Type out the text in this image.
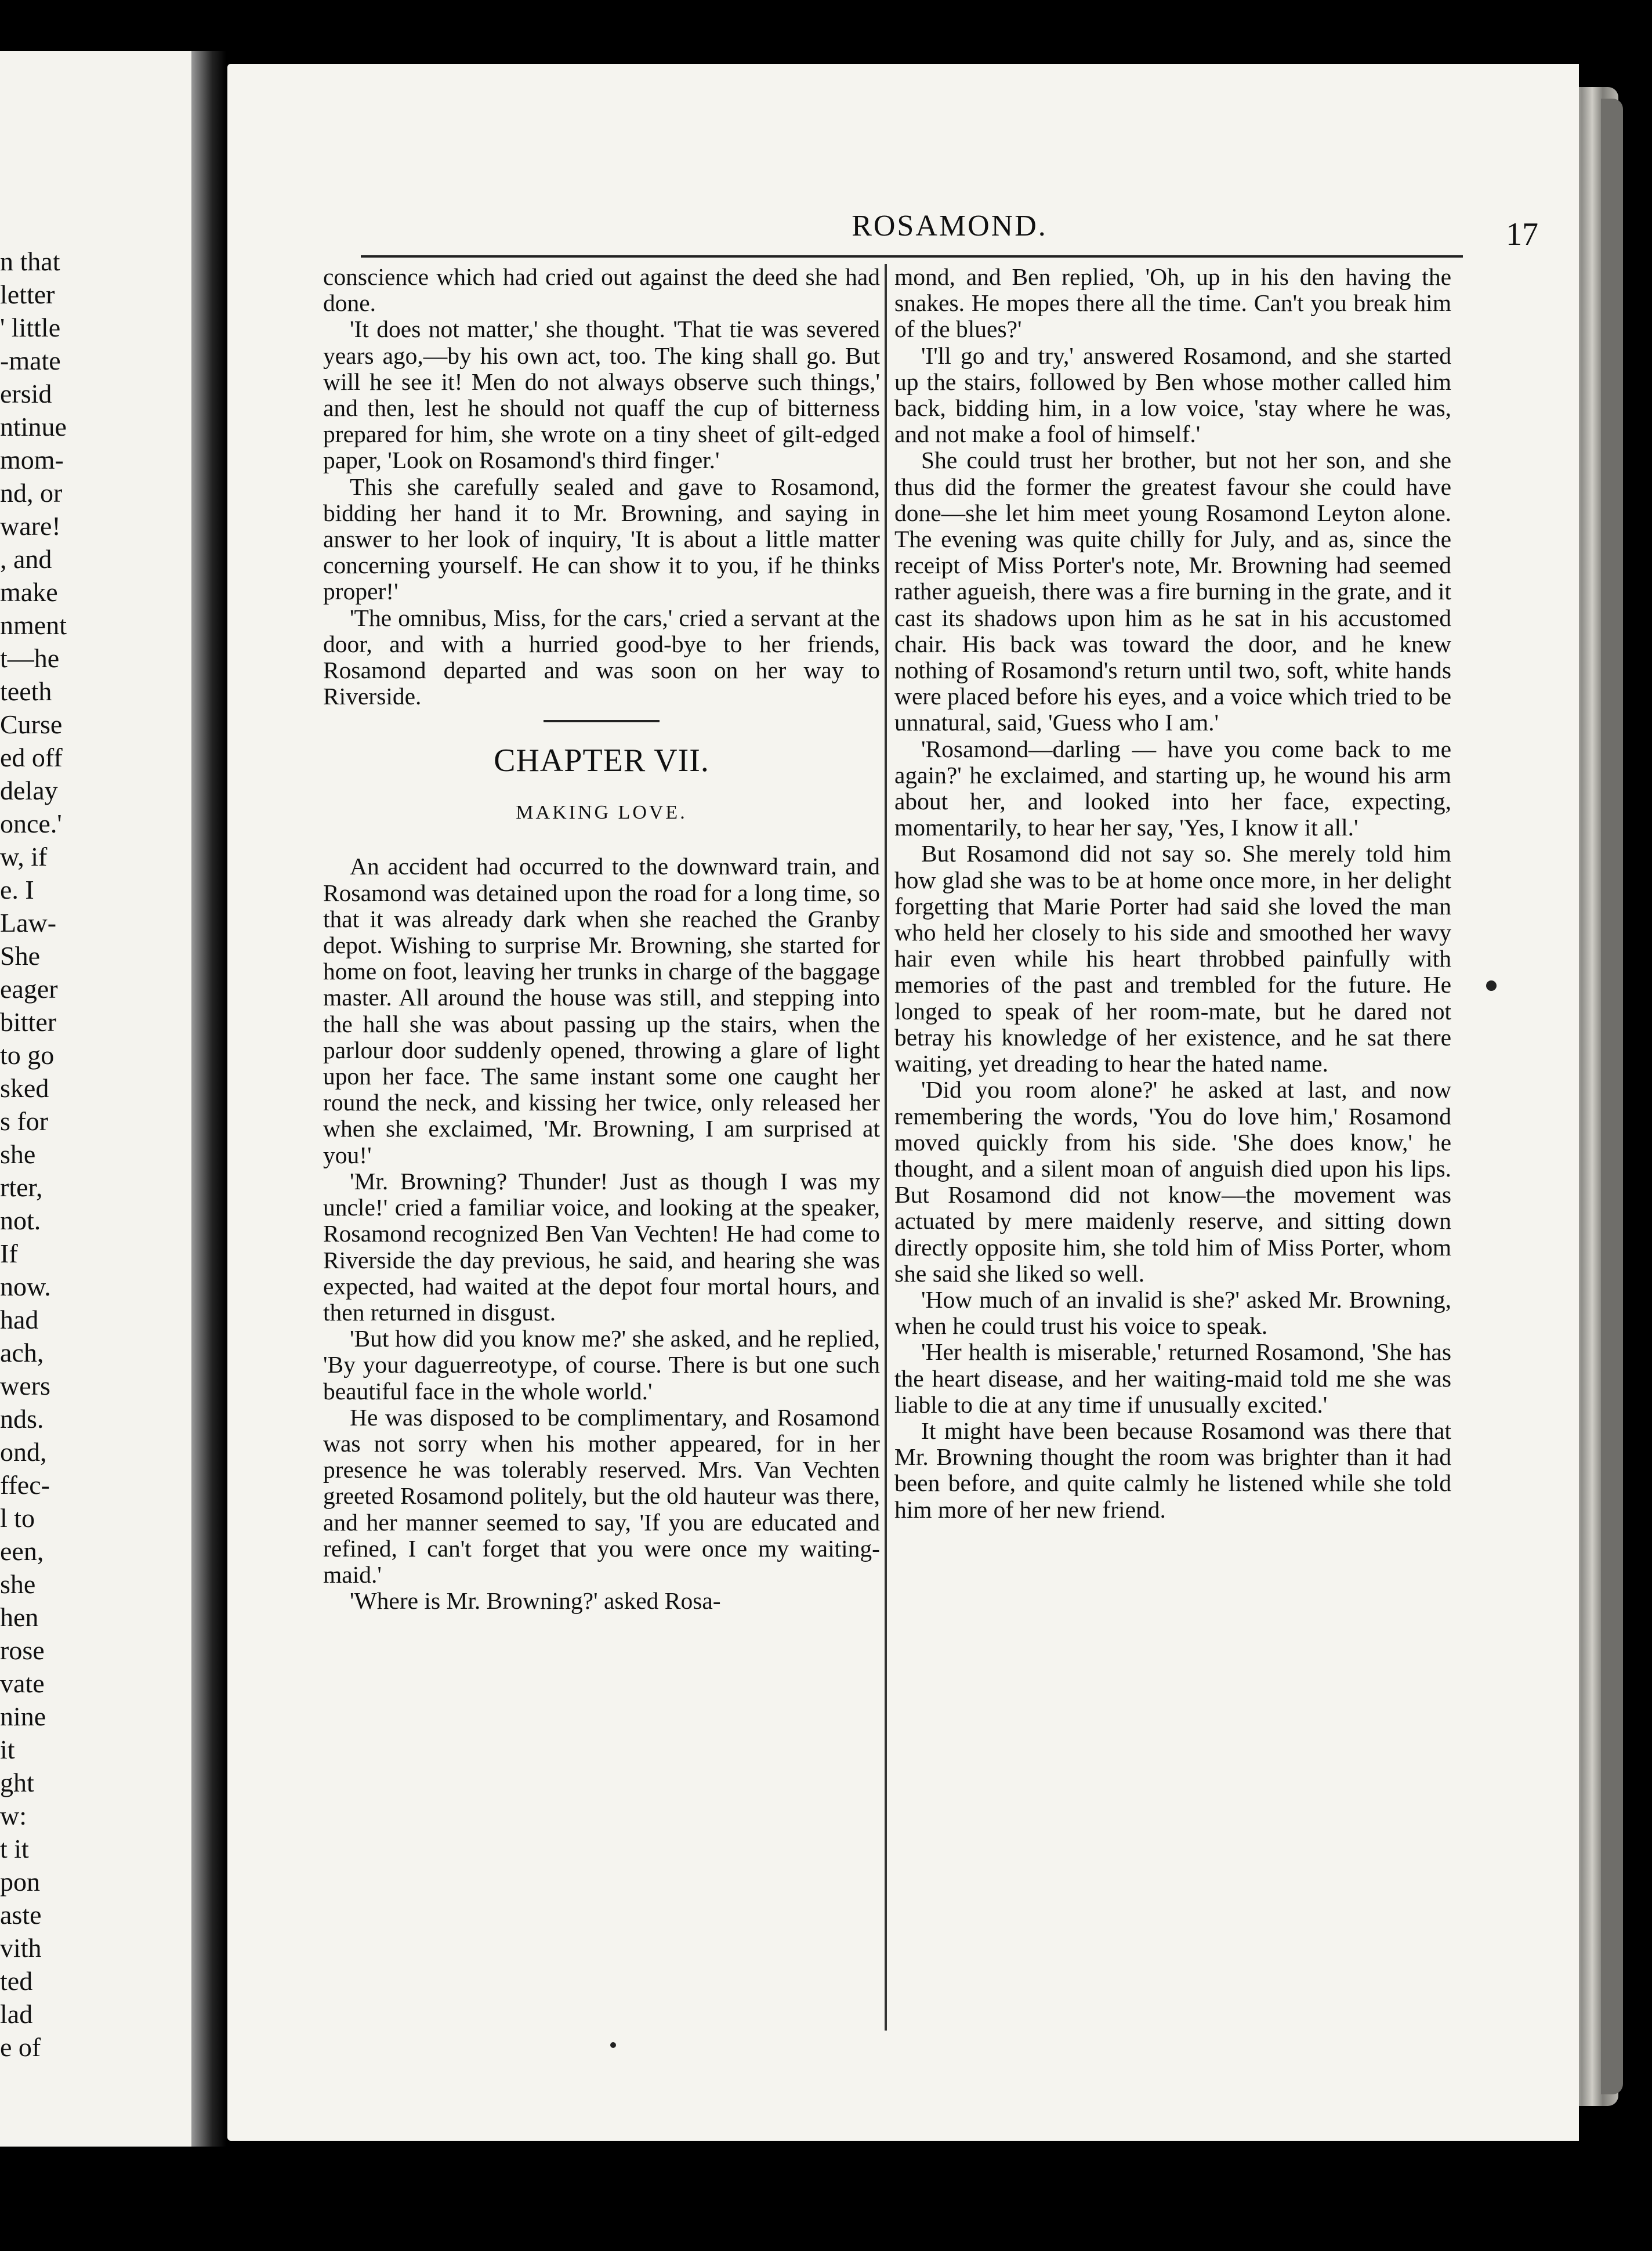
n that
letter
' little
-mate
ersid
ntinue
mom-
nd, or
ware!
, and
make
nment
t—he
teeth
Curse
ed off
delay
once.'
w, if
e. I
Law-
She
eager
bitter
to go
sked
s for
she
rter,
not.
If
now.
had
ach,
wers
nds.
ond,
ffec-
l to
een,
she
hen
rose
vate
nine
it
ght
w:
t it
pon
aste
vith
ted
lad
e of
ROSAMOND.	17

conscience which had cried out against the deed she had done.

'It does not matter,' she thought. 'That tie was severed years ago,—by his own act, too. The king shall go. But will he see it! Men do not always observe such things,' and then, lest he should not quaff the cup of bitterness prepared for him, she wrote on a tiny sheet of gilt-edged paper, 'Look on Rosamond's third finger.'

This she carefully sealed and gave to Rosamond, bidding her hand it to Mr. Browning, and saying in answer to her look of inquiry, 'It is about a little matter concerning yourself. He can show it to you, if he thinks proper!'

'The omnibus, Miss, for the cars,' cried a servant at the door, and with a hurried good-bye to her friends, Rosamond departed and was soon on her way to Riverside.

CHAPTER VII.
MAKING LOVE.

An accident had occurred to the downward train, and Rosamond was detained upon the road for a long time, so that it was already dark when she reached the Granby depot. Wishing to surprise Mr. Browning, she started for home on foot, leaving her trunks in charge of the baggage master. All around the house was still, and stepping into the hall she was about passing up the stairs, when the parlour door suddenly opened, throwing a glare of light upon her face. The same instant some one caught her round the neck, and kissing her twice, only released her when she exclaimed, 'Mr. Browning, I am surprised at you!'

'Mr. Browning? Thunder! Just as though I was my uncle!' cried a familiar voice, and looking at the speaker, Rosamond recognized Ben Van Vechten! He had come to Riverside the day previous, he said, and hearing she was expected, had waited at the depot four mortal hours, and then returned in disgust.

'But how did you know me?' she asked, and he replied, 'By your daguerreotype, of course. There is but one such beautiful face in the whole world.'

He was disposed to be complimentary, and Rosamond was not sorry when his mother appeared, for in her presence he was tolerably reserved. Mrs. Van Vechten greeted Rosamond politely, but the old hauteur was there, and her manner seemed to say, 'If you are educated and refined, I can't forget that you were once my waiting-maid.'

'Where is Mr. Browning?' asked Rosa-

mond, and Ben replied, 'Oh, up in his den having the snakes. He mopes there all the time. Can't you break him of the blues?'

'I'll go and try,' answered Rosamond, and she started up the stairs, followed by Ben whose mother called him back, bidding him, in a low voice, 'stay where he was, and not make a fool of himself.'

She could trust her brother, but not her son, and she thus did the former the greatest favour she could have done—she let him meet young Rosamond Leyton alone. The evening was quite chilly for July, and as, since the receipt of Miss Porter's note, Mr. Browning had seemed rather agueish, there was a fire burning in the grate, and it cast its shadows upon him as he sat in his accustomed chair. His back was toward the door, and he knew nothing of Rosamond's return until two, soft, white hands were placed before his eyes, and a voice which tried to be unnatural, said, 'Guess who I am.'

'Rosamond—darling — have you come back to me again?' he exclaimed, and starting up, he wound his arm about her, and looked into her face, expecting, momentarily, to hear her say, 'Yes, I know it all.'

But Rosamond did not say so. She merely told him how glad she was to be at home once more, in her delight forgetting that Marie Porter had said she loved the man who held her closely to his side and smoothed her wavy hair even while his heart throbbed painfully with memories of the past and trembled for the future. He longed to speak of her room-mate, but he dared not betray his knowledge of her existence, and he sat there waiting, yet dreading to hear the hated name.

'Did you room alone?' he asked at last, and now remembering the words, 'You do love him,' Rosamond moved quickly from his side. 'She does know,' he thought, and a silent moan of anguish died upon his lips. But Rosamond did not know—the movement was actuated by mere maidenly reserve, and sitting down directly opposite him, she told him of Miss Porter, whom she said she liked so well.

'How much of an invalid is she?' asked Mr. Browning, when he could trust his voice to speak.

'Her health is miserable,' returned Rosamond, 'She has the heart disease, and her waiting-maid told me she was liable to die at any time if unusually excited.'

It might have been because Rosamond was there that Mr. Browning thought the room was brighter than it had been before, and quite calmly he listened while she told him more of her new friend.
